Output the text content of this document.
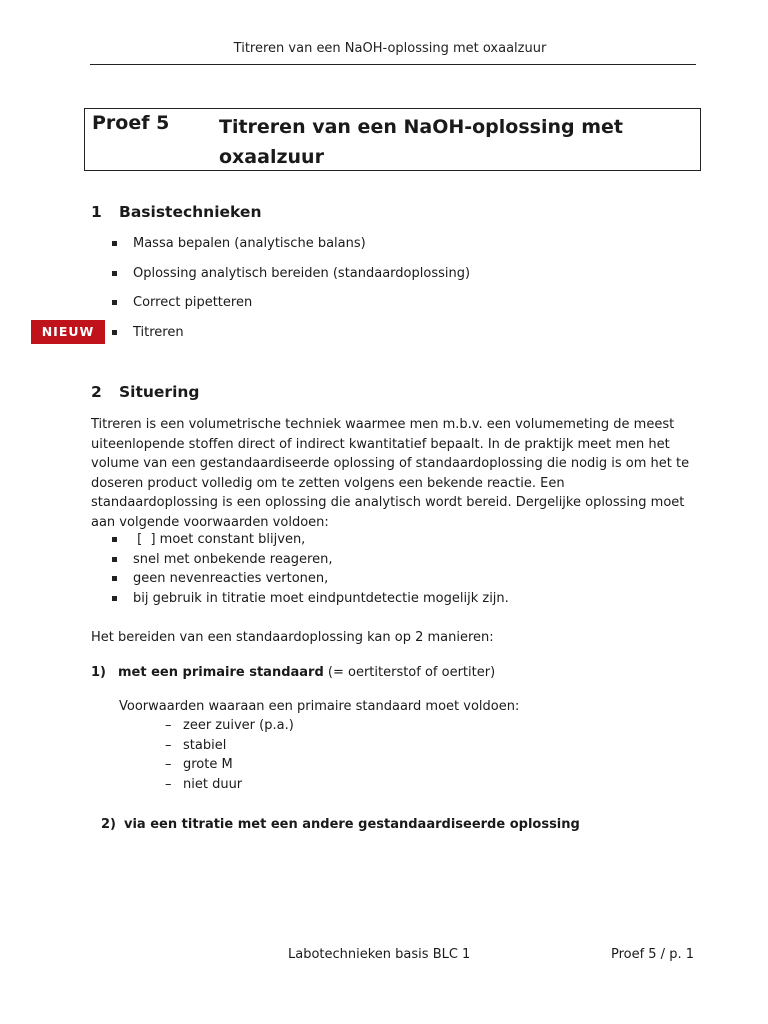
Titreren van een NaOH-oplossing met oxaalzuur
Proef 5	Titreren van een NaOH-oplossing met oxaalzuur
1 Basistechnieken
Massa bepalen (analytische balans)
Oplossing analytisch bereiden (standaardoplossing)
Correct pipetteren
Titreren
NIEUW
2 Situering
Titreren is een volumetrische techniek waarmee men m.b.v. een volumemeting de meest uiteenlopende stoffen direct of indirect kwantitatief bepaalt. In de praktijk meet men het volume van een gestandaardiseerde oplossing of standaardoplossing die nodig is om het te doseren product volledig om te zetten volgens een bekende reactie. Een standaardoplossing is een oplossing die analytisch wordt bereid. Dergelijke oplossing moet aan volgende voorwaarden voldoen:
[  ] moet constant blijven,
snel met onbekende reageren,
geen nevenreacties vertonen,
bij gebruik in titratie moet eindpuntdetectie mogelijk zijn.
Het bereiden van een standaardoplossing kan op 2 manieren:
1) met een primaire standaard (= oertiterstof of oertiter)
Voorwaarden waaraan een primaire standaard moet voldoen:
– zeer zuiver (p.a.)
– stabiel
– grote M
– niet duur
2) via een titratie met een andere gestandaardiseerde oplossing
Labotechnieken basis BLC 1	Proef 5 / p. 1
